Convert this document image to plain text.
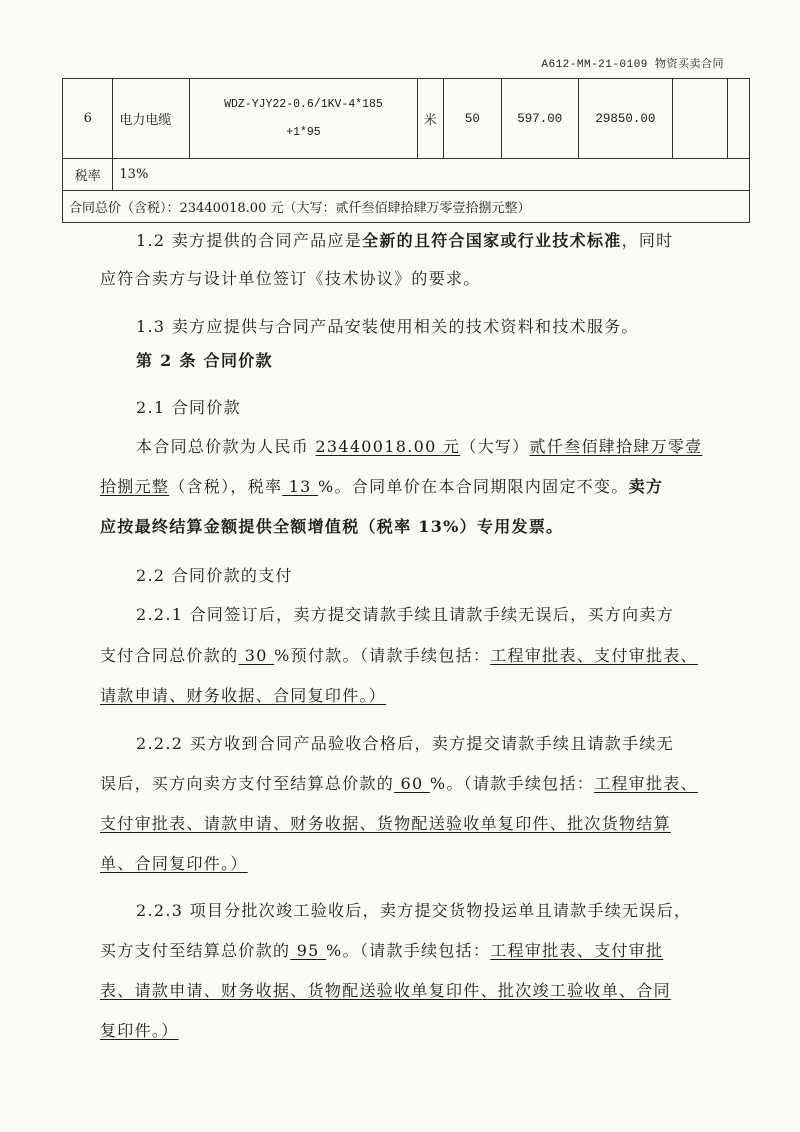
A612-MM-21-0109 物资买卖合同
6	电力电缆	WDZ-YJY22-0.6/1KV-4*185
+1*95	米	50	597.00	29850.00		
税率	13%							
合同总价（含税）：23440018.00 元（大写：贰仟叁佰肆拾肆万零壹拾捌元整）								
1.2 卖方提供的合同产品应是全新的且符合国家或行业技术标准，同时
应符合卖方与设计单位签订《技术协议》的要求。
1.3 卖方应提供与合同产品安装使用相关的技术资料和技术服务。
第 2 条 合同价款
2.1 合同价款
本合同总价款为人民币 23440018.00 元（大写）贰仟叁佰肆拾肆万零壹
拾捌元整（含税），税率 13 %。合同单价在本合同期限内固定不变。卖方
应按最终结算金额提供全额增值税（税率 13%）专用发票。
2.2 合同价款的支付
2.2.1 合同签订后，卖方提交请款手续且请款手续无误后，买方向卖方
支付合同总价款的 30 %预付款。（请款手续包括：工程审批表、支付审批表、
请款申请、财务收据、合同复印件。）
2.2.2 买方收到合同产品验收合格后，卖方提交请款手续且请款手续无
误后，买方向卖方支付至结算总价款的 60 %。（请款手续包括：工程审批表、
支付审批表、请款申请、财务收据、货物配送验收单复印件、批次货物结算
单、合同复印件。）
2.2.3 项目分批次竣工验收后，卖方提交货物投运单且请款手续无误后，
买方支付至结算总价款的 95 %。（请款手续包括：工程审批表、支付审批
表、请款申请、财务收据、货物配送验收单复印件、批次竣工验收单、合同
复印件。）
